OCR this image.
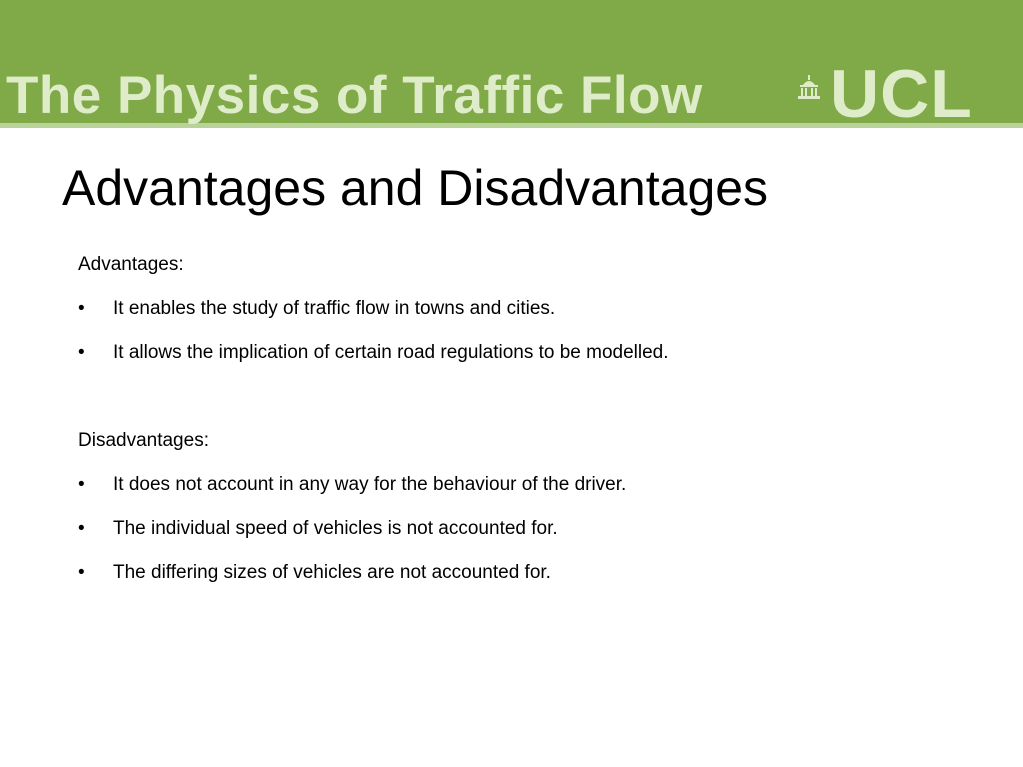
The Physics of Traffic Flow UCL
Advantages and Disadvantages
Advantages:
• It enables the study of traffic flow in towns and cities.
• It allows the implication of certain road regulations to be modelled.
Disadvantages:
• It does not account in any way for the behaviour of the driver.
• The individual speed of vehicles is not accounted for.
• The differing sizes of vehicles are not accounted for.
